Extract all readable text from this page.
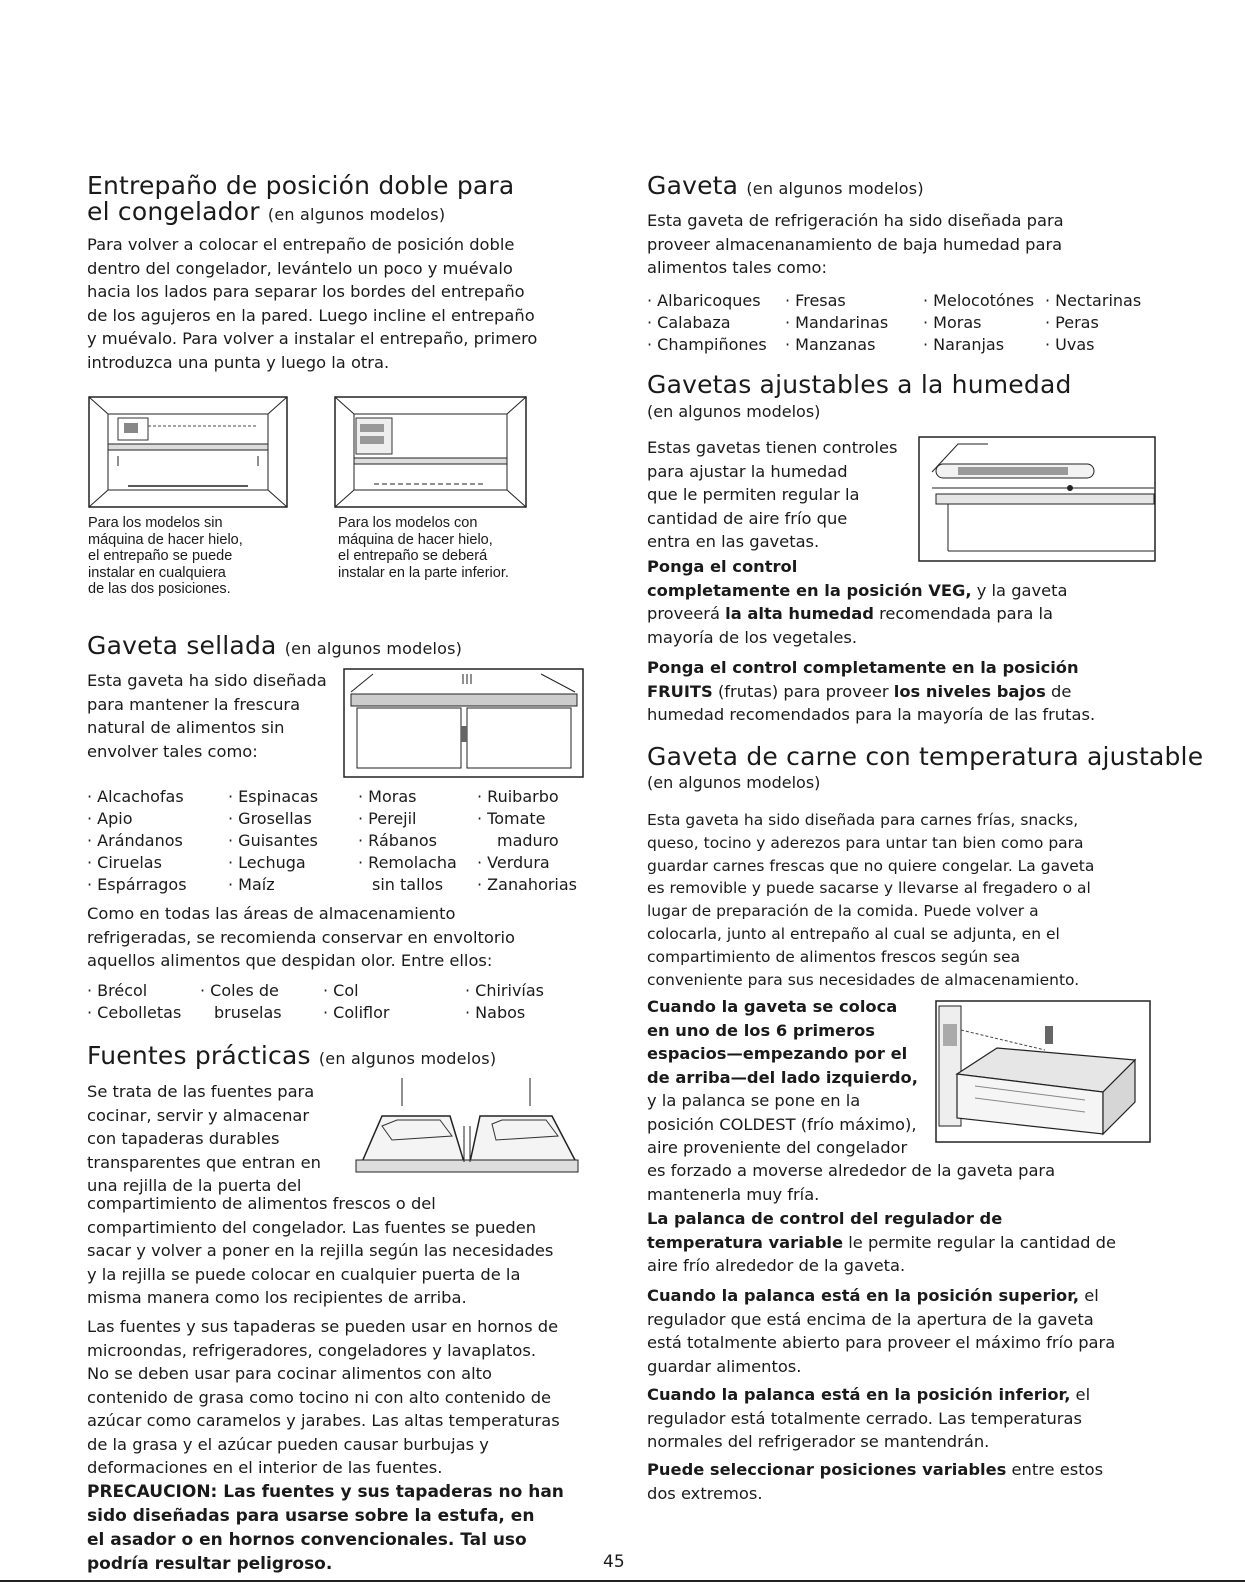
Entrepaño de posición doble para
el congelador (en algunos modelos)
Para volver a colocar el entrepaño de posición doble
dentro del congelador, levántelo un poco y muévalo
hacia los lados para separar los bordes del entrepaño
de los agujeros en la pared. Luego incline el entrepaño
y muévalo. Para volver a instalar el entrepaño, primero
introduzca una punta y luego la otra.
Para los modelos sin
máquina de hacer hielo,
el entrepaño se puede
instalar en cualquiera
de las dos posiciones.
Para los modelos con
máquina de hacer hielo,
el entrepaño se deberá
instalar en la parte inferior.
Gaveta sellada (en algunos modelos)
Esta gaveta ha sido diseñada
para mantener la frescura
natural de alimentos sin
envolver tales como:
· Alcachofas
· Apio
· Arándanos
· Ciruelas
· Espárragos
· Espinacas
· Grosellas
· Guisantes
· Lechuga
· Maíz
· Moras
· Perejil
· Rábanos
· Remolacha
sin tallos
· Ruibarbo
· Tomate
maduro
· Verdura
· Zanahorias
Como en todas las áreas de almacenamiento
refrigeradas, se recomienda conservar en envoltorio
aquellos alimentos que despidan olor. Entre ellos:
· Brécol
· Cebolletas
· Coles de
bruselas
· Col
· Coliflor
· Chirivías
· Nabos
Fuentes prácticas (en algunos modelos)
Se trata de las fuentes para
cocinar, servir y almacenar
con tapaderas durables
transparentes que entran en
una rejilla de la puerta del
compartimiento de alimentos frescos o del
compartimiento del congelador. Las fuentes se pueden
sacar y volver a poner en la rejilla según las necesidades
y la rejilla se puede colocar en cualquier puerta de la
misma manera como los recipientes de arriba.
Las fuentes y sus tapaderas se pueden usar en hornos de
microondas, refrigeradores, congeladores y lavaplatos.
No se deben usar para cocinar alimentos con alto
contenido de grasa como tocino ni con alto contenido de
azúcar como caramelos y jarabes. Las altas temperaturas
de la grasa y el azúcar pueden causar burbujas y
deformaciones en el interior de las fuentes.
PRECAUCION: Las fuentes y sus tapaderas no han
sido diseñadas para usarse sobre la estufa, en
el asador o en hornos convencionales. Tal uso
podría resultar peligroso.	45
Gaveta (en algunos modelos)
Esta gaveta de refrigeración ha sido diseñada para
proveer almacenanamiento de baja humedad para
alimentos tales como:
· Albaricoques
· Calabaza
· Champiñones
· Fresas
· Mandarinas
· Manzanas
· Melocotónes
· Moras
· Naranjas
· Nectarinas
· Peras
· Uvas
Gavetas ajustables a la humedad
(en algunos modelos)
Estas gavetas tienen controles
para ajustar la humedad
que le permiten regular la
cantidad de aire frío que
entra en las gavetas.
Ponga el control
completamente en la posición VEG, y la gaveta
proveerá la alta humedad recomendada para la
mayoría de los vegetales.
Ponga el control completamente en la posición
FRUITS (frutas) para proveer los niveles bajos de
humedad recomendados para la mayoría de las frutas.
Gaveta de carne con temperatura ajustable
(en algunos modelos)
Esta gaveta ha sido diseñada para carnes frías, snacks,
queso, tocino y aderezos para untar tan bien como para
guardar carnes frescas que no quiere congelar. La gaveta
es removible y puede sacarse y llevarse al fregadero o al
lugar de preparación de la comida. Puede volver a
colocarla, junto al entrepaño al cual se adjunta, en el
compartimiento de alimentos frescos según sea
conveniente para sus necesidades de almacenamiento.
Cuando la gaveta se coloca
en uno de los 6 primeros
espacios—empezando por el
de arriba—del lado izquierdo,
y la palanca se pone en la
posición COLDEST (frío máximo),
aire proveniente del congelador
es forzado a moverse alrededor de la gaveta para
mantenerla muy fría.
La palanca de control del regulador de
temperatura variable le permite regular la cantidad de
aire frío alrededor de la gaveta.
Cuando la palanca está en la posición superior, el
regulador que está encima de la apertura de la gaveta
está totalmente abierto para proveer el máximo frío para
guardar alimentos.
Cuando la palanca está en la posición inferior, el
regulador está totalmente cerrado. Las temperaturas
normales del refrigerador se mantendrán.
Puede seleccionar posiciones variables entre estos
dos extremos.
